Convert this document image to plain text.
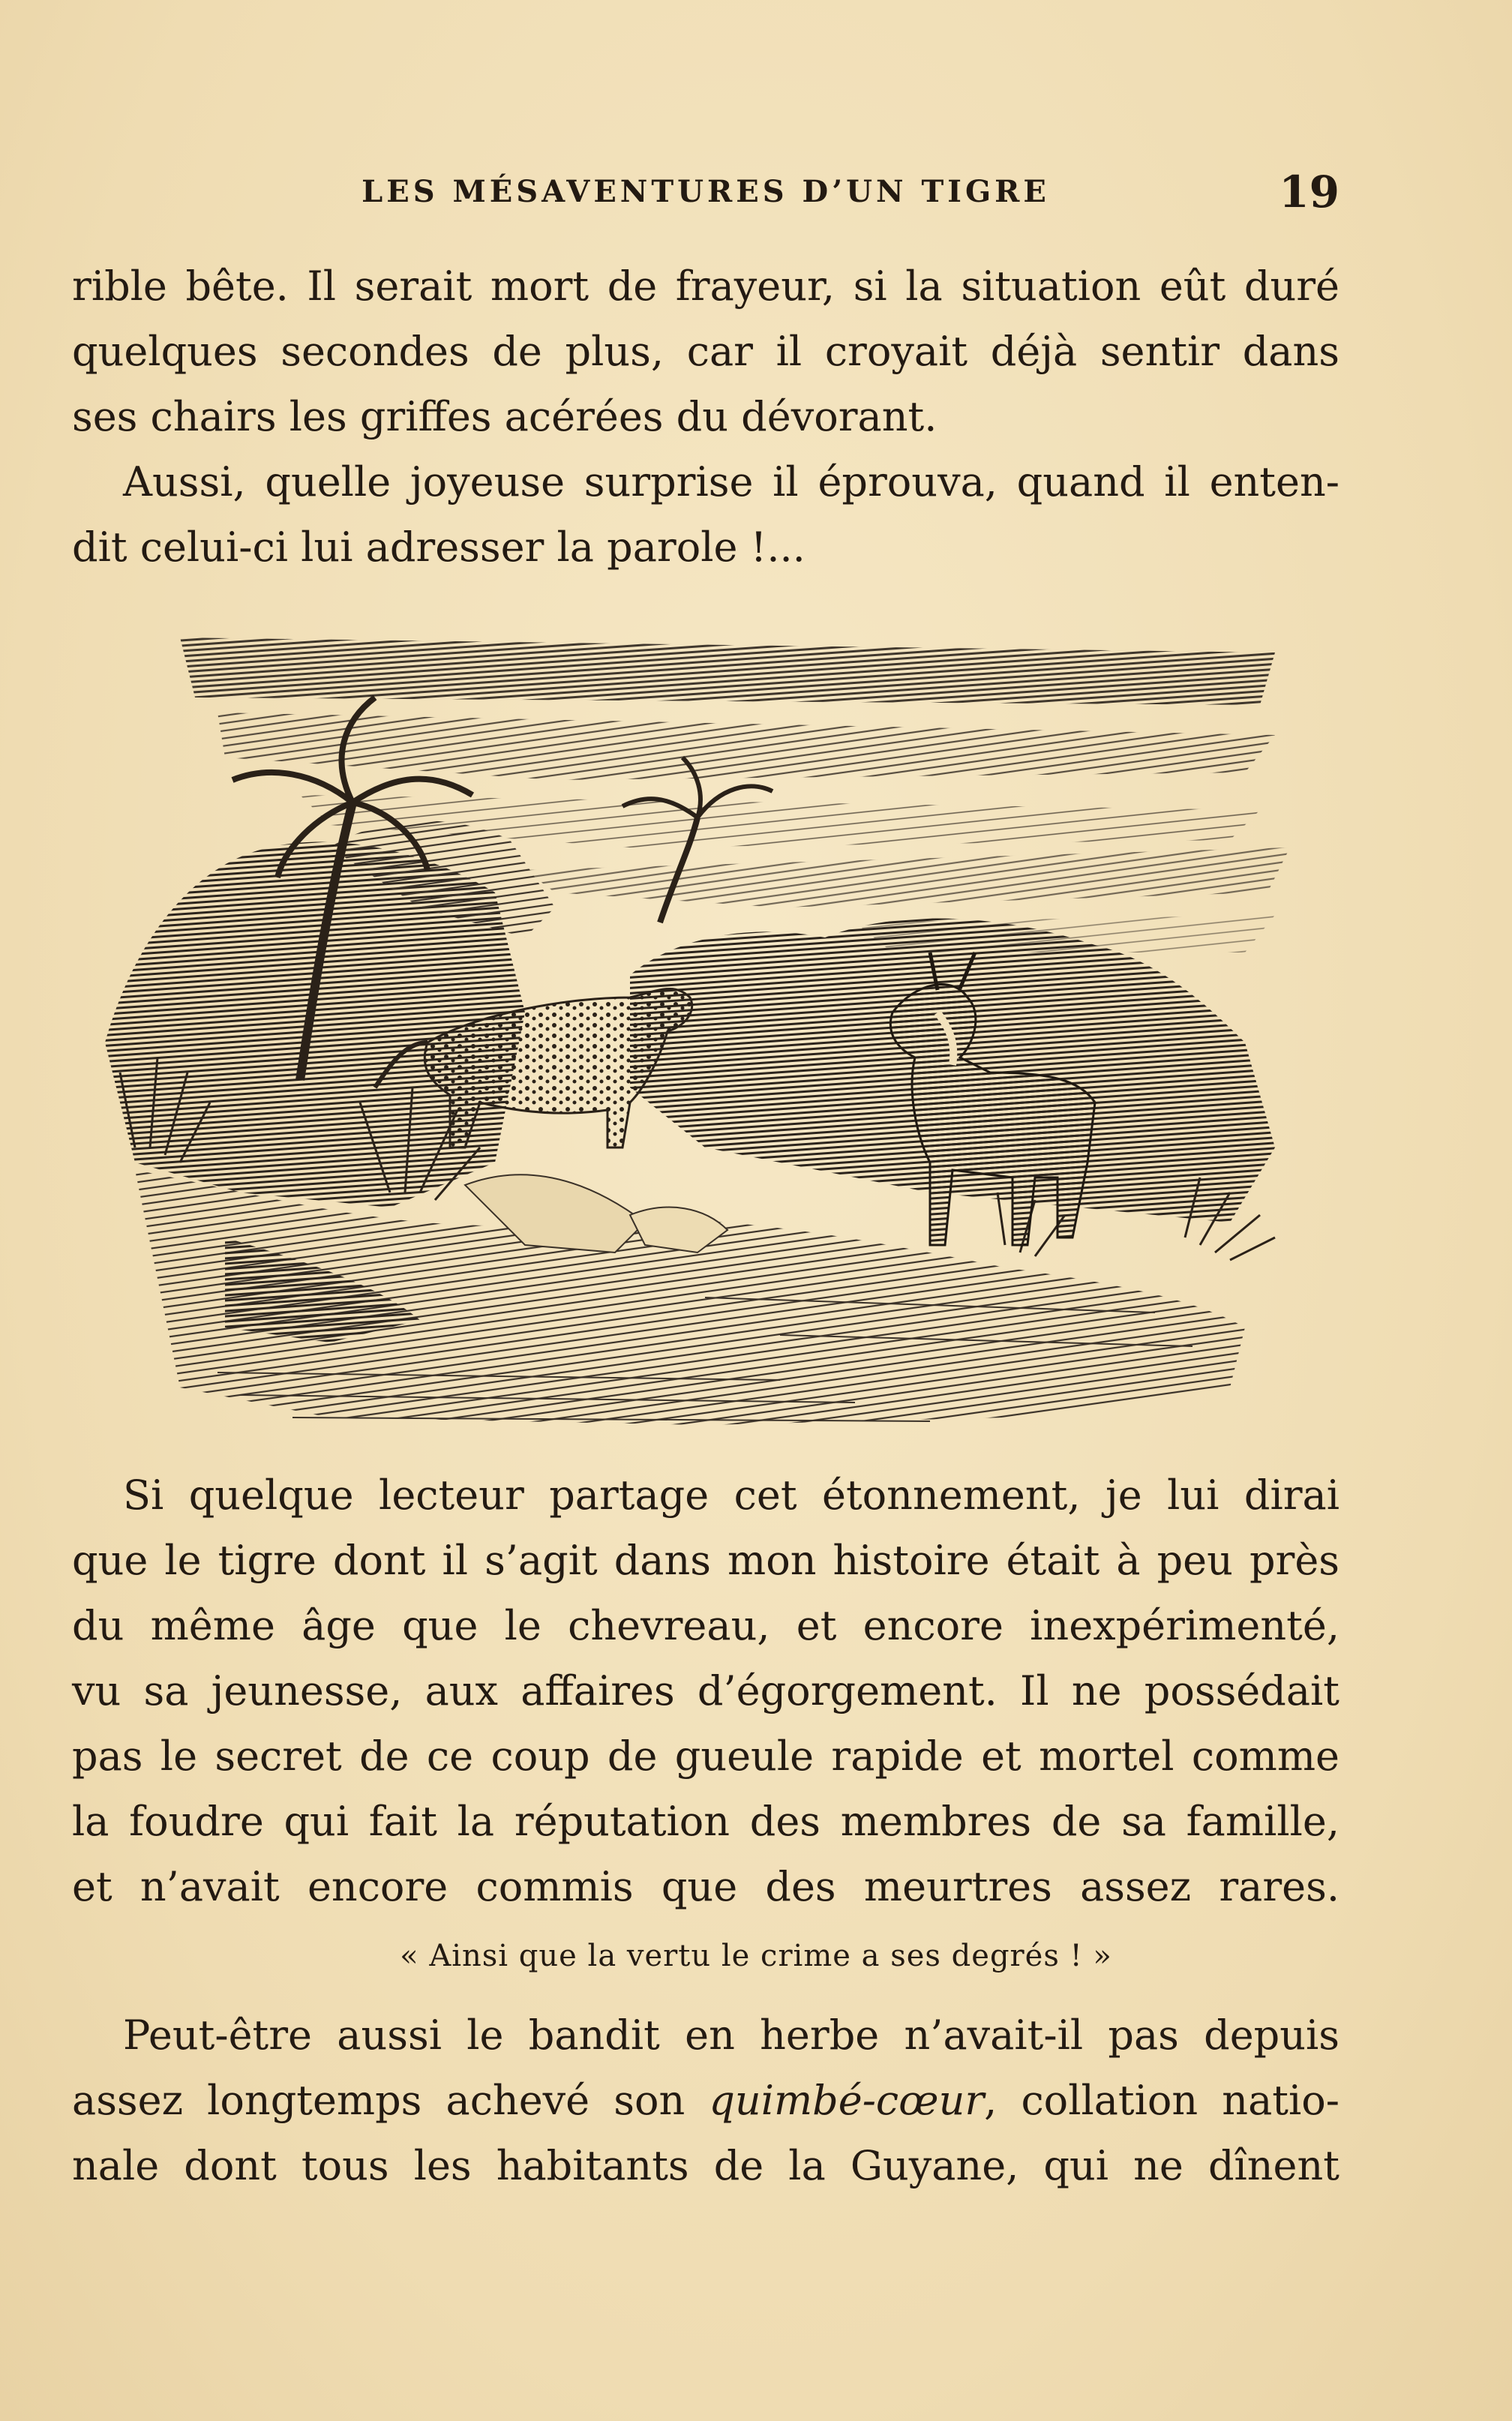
LES MÉSAVENTURES D’UN TIGRE	19
rible bête. Il serait mort de frayeur, si la situation eût duré
quelques secondes de plus, car il croyait déjà sentir dans
ses chairs les griffes acérées du dévorant.
Aussi, quelle joyeuse surprise il éprouva, quand il enten-
dit celui-ci lui adresser la parole !...
Si quelque lecteur partage cet étonnement, je lui dirai
que le tigre dont il s’agit dans mon histoire était à peu près
du même âge que le chevreau, et encore inexpérimenté,
vu sa jeunesse, aux affaires d’égorgement. Il ne possédait
pas le secret de ce coup de gueule rapide et mortel comme
la foudre qui fait la réputation des membres de sa famille,
et n’avait encore commis que des meurtres assez rares.
« Ainsi que la vertu le crime a ses degrés ! »
Peut-être aussi le bandit en herbe n’avait-il pas depuis
assez longtemps achevé son quimbé-cœur, collation natio-
nale dont tous les habitants de la Guyane, qui ne dînent
